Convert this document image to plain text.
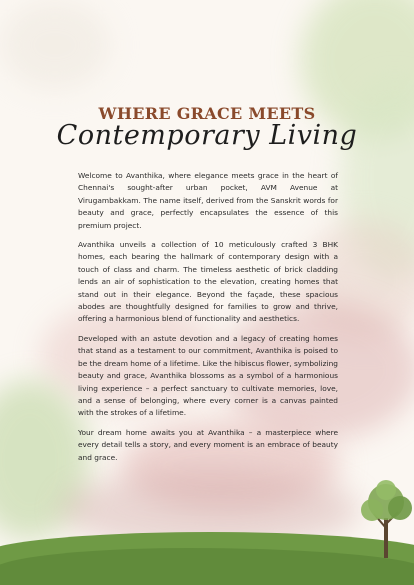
WHERE GRACE MEETS
Contemporary Living

Welcome to Avanthika, where elegance meets grace in the heart of Chennai's sought-after urban pocket, AVM Avenue at Virugambakkam. The name itself, derived from the Sanskrit words for beauty and grace, perfectly encapsulates the essence of this premium project.

Avanthika unveils a collection of 10 meticulously crafted 3 BHK homes, each bearing the hallmark of contemporary design with a touch of class and charm. The timeless aesthetic of brick cladding lends an air of sophistication to the elevation, creating homes that stand out in their elegance. Beyond the façade, these spacious abodes are thoughtfully designed for families to grow and thrive, offering a harmonious blend of functionality and aesthetics.

Developed with an astute devotion and a legacy of creating homes that stand as a testament to our commitment, Avanthika is poised to be the dream home of a lifetime. Like the hibiscus flower, symbolizing beauty and grace, Avanthika blossoms as a symbol of a harmonious living experience – a perfect sanctuary to cultivate memories, love, and a sense of belonging, where every corner is a canvas painted with the strokes of a lifetime.

Your dream home awaits you at Avanthika – a masterpiece where every detail tells a story, and every moment is an embrace of beauty and grace.
